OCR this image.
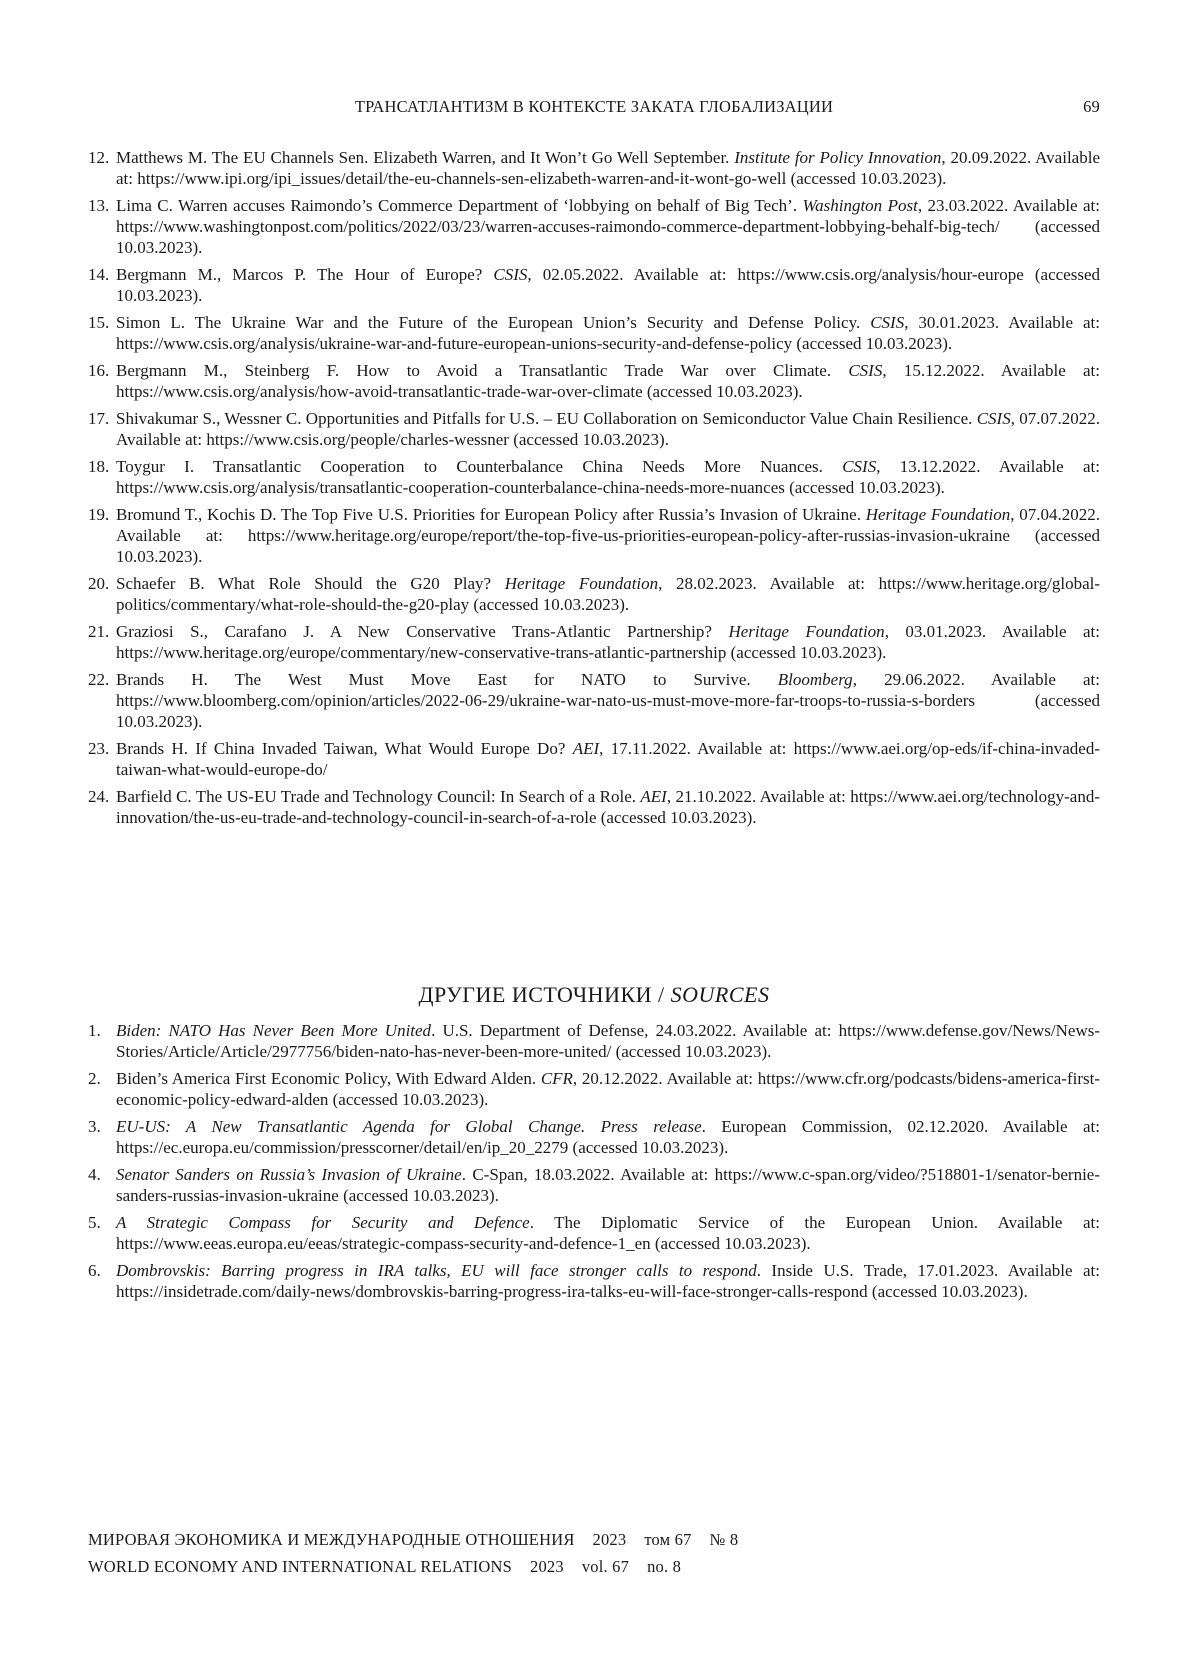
ТРАНСАТЛАНТИЗМ В КОНТЕКСТЕ ЗАКАТА ГЛОБАЛИЗАЦИИ	69
12. Matthews M. The EU Channels Sen. Elizabeth Warren, and It Won’t Go Well September. Institute for Policy Innovation, 20.09.2022. Available at: https://www.ipi.org/ipi_issues/detail/the-eu-channels-sen-elizabeth-warren-and-it-wont-go-well (accessed 10.03.2023).
13. Lima C. Warren accuses Raimondo’s Commerce Department of ‘lobbying on behalf of Big Tech’. Washington Post, 23.03.2022. Available at: https://www.washingtonpost.com/politics/2022/03/23/warren-accuses-raimondo-commerce-department-lobbying-behalf-big-tech/ (accessed 10.03.2023).
14. Bergmann M., Marcos P. The Hour of Europe? CSIS, 02.05.2022. Available at: https://www.csis.org/analysis/hour-europe (accessed 10.03.2023).
15. Simon L. The Ukraine War and the Future of the European Union’s Security and Defense Policy. CSIS, 30.01.2023. Available at: https://www.csis.org/analysis/ukraine-war-and-future-european-unions-security-and-defense-policy (accessed 10.03.2023).
16. Bergmann M., Steinberg F. How to Avoid a Transatlantic Trade War over Climate. CSIS, 15.12.2022. Available at: https://www.csis.org/analysis/how-avoid-transatlantic-trade-war-over-climate (accessed 10.03.2023).
17. Shivakumar S., Wessner C. Opportunities and Pitfalls for U.S. – EU Collaboration on Semiconductor Value Chain Resilience. CSIS, 07.07.2022. Available at: https://www.csis.org/people/charles-wessner (accessed 10.03.2023).
18. Toygur I. Transatlantic Cooperation to Counterbalance China Needs More Nuances. CSIS, 13.12.2022. Available at: https://www.csis.org/analysis/transatlantic-cooperation-counterbalance-china-needs-more-nuances (accessed 10.03.2023).
19. Bromund T., Kochis D. The Top Five U.S. Priorities for European Policy after Russia’s Invasion of Ukraine. Heritage Foundation, 07.04.2022. Available at: https://www.heritage.org/europe/report/the-top-five-us-priorities-european-policy-after-russias-invasion-ukraine (accessed 10.03.2023).
20. Schaefer B. What Role Should the G20 Play? Heritage Foundation, 28.02.2023. Available at: https://www.heritage.org/global-politics/commentary/what-role-should-the-g20-play (accessed 10.03.2023).
21. Graziosi S., Carafano J. A New Conservative Trans-Atlantic Partnership? Heritage Foundation, 03.01.2023. Available at: https://www.heritage.org/europe/commentary/new-conservative-trans-atlantic-partnership (accessed 10.03.2023).
22. Brands H. The West Must Move East for NATO to Survive. Bloomberg, 29.06.2022. Available at: https://www.bloomberg.com/opinion/articles/2022-06-29/ukraine-war-nato-us-must-move-more-far-troops-to-russia-s-borders (accessed 10.03.2023).
23. Brands H. If China Invaded Taiwan, What Would Europe Do? AEI, 17.11.2022. Available at: https://www.aei.org/op-eds/if-china-invaded-taiwan-what-would-europe-do/
24. Barfield C. The US-EU Trade and Technology Council: In Search of a Role. AEI, 21.10.2022. Available at: https://www.aei.org/technology-and-innovation/the-us-eu-trade-and-technology-council-in-search-of-a-role (accessed 10.03.2023).
ДРУГИЕ ИСТОЧНИКИ / SOURCES
1. Biden: NATO Has Never Been More United. U.S. Department of Defense, 24.03.2022. Available at: https://www.defense.gov/News/News-Stories/Article/Article/2977756/biden-nato-has-never-been-more-united/ (accessed 10.03.2023).
2. Biden’s America First Economic Policy, With Edward Alden. CFR, 20.12.2022. Available at: https://www.cfr.org/podcasts/bidens-america-first-economic-policy-edward-alden (accessed 10.03.2023).
3. EU-US: A New Transatlantic Agenda for Global Change. Press release. European Commission, 02.12.2020. Available at: https://ec.europa.eu/commission/presscorner/detail/en/ip_20_2279 (accessed 10.03.2023).
4. Senator Sanders on Russia’s Invasion of Ukraine. C-Span, 18.03.2022. Available at: https://www.c-span.org/video/?518801-1/senator-bernie-sanders-russias-invasion-ukraine (accessed 10.03.2023).
5. A Strategic Compass for Security and Defence. The Diplomatic Service of the European Union. Available at: https://www.eeas.europa.eu/eeas/strategic-compass-security-and-defence-1_en (accessed 10.03.2023).
6. Dombrovskis: Barring progress in IRA talks, EU will face stronger calls to respond. Inside U.S. Trade, 17.01.2023. Available at: https://insidetrade.com/daily-news/dombrovskis-barring-progress-ira-talks-eu-will-face-stronger-calls-respond (accessed 10.03.2023).
МИРОВАЯ ЭКОНОМИКА И МЕЖДУНАРОДНЫЕ ОТНОШЕНИЯ 2023 том 67 № 8
WORLD ECONOMY AND INTERNATIONAL RELATIONS 2023 vol. 67 no. 8
